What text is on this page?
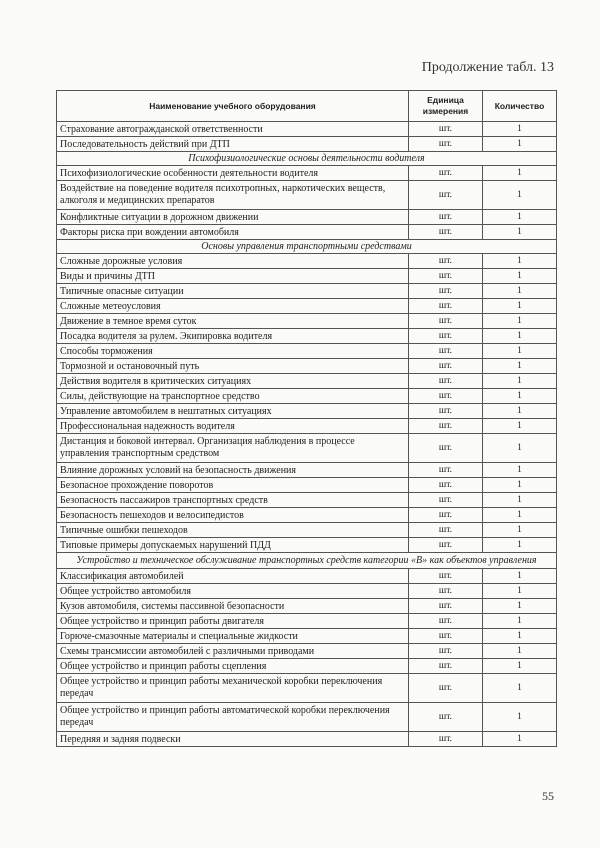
Продолжение табл. 13
Наименование учебного оборудования	Единица измерения	Количество
Страхование автогражданской ответственности	шт.	1
Последовательность действий при ДТП	шт.	1
Психофизиологические основы деятельности водителя		
Психофизиологические особенности деятельности водителя	шт.	1
Воздействие на поведение водителя психотропных, наркотических веществ, алкоголя и медицинских препаратов	шт.	1
Конфликтные ситуации в дорожном движении	шт.	1
Факторы риска при вождении автомобиля	шт.	1
Основы управления транспортными средствами		
Сложные дорожные условия	шт.	1
Виды и причины ДТП	шт.	1
Типичные опасные ситуации	шт.	1
Сложные метеоусловия	шт.	1
Движение в темное время суток	шт.	1
Посадка водителя за рулем. Экипировка водителя	шт.	1
Способы торможения	шт.	1
Тормозной и остановочный путь	шт.	1
Действия водителя в критических ситуациях	шт.	1
Силы, действующие на транспортное средство	шт.	1
Управление автомобилем в нештатных ситуациях	шт.	1
Профессиональная надежность водителя	шт.	1
Дистанция и боковой интервал. Организация наблюдения в процессе управления транспортным средством	шт.	1
Влияние дорожных условий на безопасность движения	шт.	1
Безопасное прохождение поворотов	шт.	1
Безопасность пассажиров транспортных средств	шт.	1
Безопасность пешеходов и велосипедистов	шт.	1
Типичные ошибки пешеходов	шт.	1
Типовые примеры допускаемых нарушений ПДД	шт.	1
Устройство и техническое обслуживание транспортных средств категории «В» как объектов управления		
Классификация автомобилей	шт.	1
Общее устройство автомобиля	шт.	1
Кузов автомобиля, системы пассивной безопасности	шт.	1
Общее устройство и принцип работы двигателя	шт.	1
Горюче-смазочные материалы и специальные жидкости	шт.	1
Схемы трансмиссии автомобилей с различными приводами	шт.	1
Общее устройство и принцип работы сцепления	шт.	1
Общее устройство и принцип работы механической коробки переключения передач	шт.	1
Общее устройство и принцип работы автоматической коробки переключения передач	шт.	1
Передняя и задняя подвески	шт.	1
55
